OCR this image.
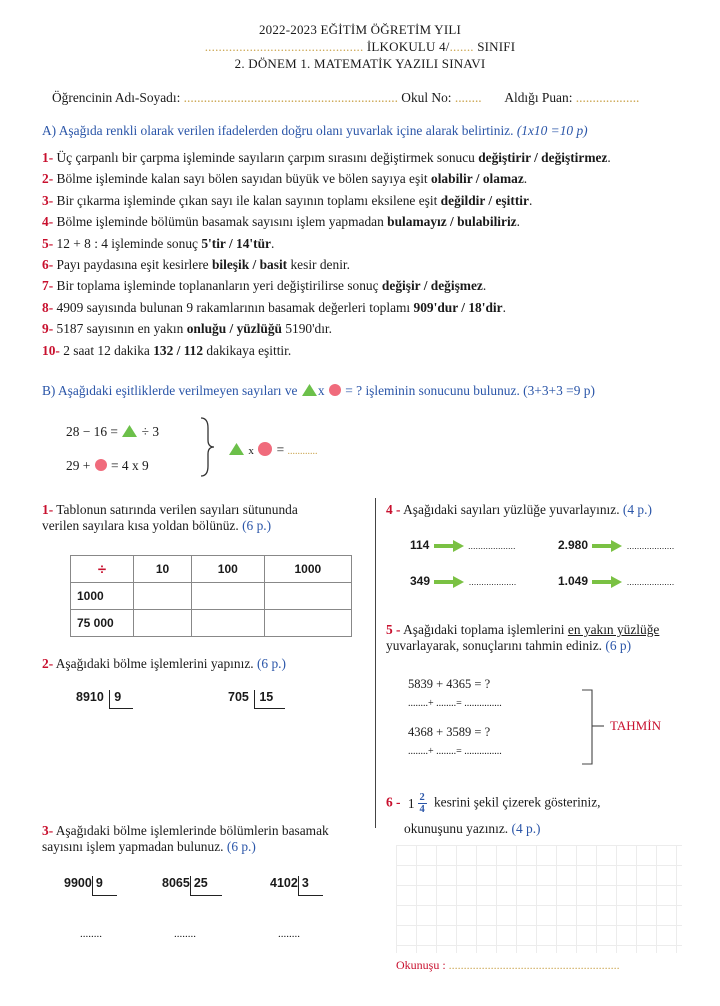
2022-2023 EĞİTİM ÖĞRETİM YILI
.............................................. İLKOKULU 4/....... SINIFI
2. DÖNEM 1. MATEMATİK YAZILI SINAVI
Öğrencinin Adı-Soyadı: ................................................................ Okul No: ........ Aldığı Puan: ...................
A) Aşağıda renkli olarak verilen ifadelerden doğru olanı yuvarlak içine alarak belirtiniz. (1x10 =10 p)
1- Üç çarpanlı bir çarpma işleminde sayıların çarpım sırasını değiştirmek sonucu değiştirir / değiştirmez.
2- Bölme işleminde kalan sayı bölen sayıdan büyük ve bölen sayıya eşit olabilir / olamaz.
3- Bir çıkarma işleminde çıkan sayı ile kalan sayının toplamı eksilene eşit değildir / eşittir.
4- Bölme işleminde bölümün basamak sayısını işlem yapmadan bulamayız / bulabiliriz.
5- 12 + 8 : 4 işleminde sonuç 5'tir / 14'tür.
6- Payı paydasına eşit kesirlere bileşik / basit kesir denir.
7- Bir toplama işleminde toplananların yeri değiştirilirse sonuç değişir / değişmez.
8- 4909 sayısında bulunan 9 rakamlarının basamak değerleri toplamı 909'dur / 18'dir.
9- 5187 sayısının en yakın onluğu / yüzlüğü 5190'dır.
10- 2 saat 12 dakika 132 / 112 dakikaya eşittir.
B) Aşağıdaki eşitliklerde verilmeyen sayıları ve x = ? işleminin sonucunu bulunuz. (3+3+3 =9 p)
28 − 16 = ÷ 3
29 + = 4 x 9
x = ............
1- Tablonun satırında verilen sayıları sütununda
verilen sayılara kısa yoldan bölünüz. (6 p.)
÷	10	100	1000
1000			
75 000			
2- Aşağıdaki bölme işlemlerini yapınız. (6 p.)
8910 9	705 15
3- Aşağıdaki bölme işlemlerinde bölümlerin basamak
sayısını işlem yapmadan bulunuz. (6 p.)
9900 9	8065 25	4102 3
........	........	........
4 - Aşağıdaki sayıları yüzlüğe yuvarlayınız. (4 p.)
114	...................	2.980	...................
349	...................	1.049	...................
5 - Aşağıdaki toplama işlemlerini en yakın yüzlüğe
yuvarlayarak, sonuçlarını tahmin ediniz. (6 p)
5839 + 4365 = ?
........+ ........= ...............
4368 + 3589 = ?
........+ ........= ...............
TAHMİN
6 - 1 2
4 kesrini şekil çizerek gösteriniz,
okunuşunu yazınız. (4 p.)
Okunuşu : .........................................................
